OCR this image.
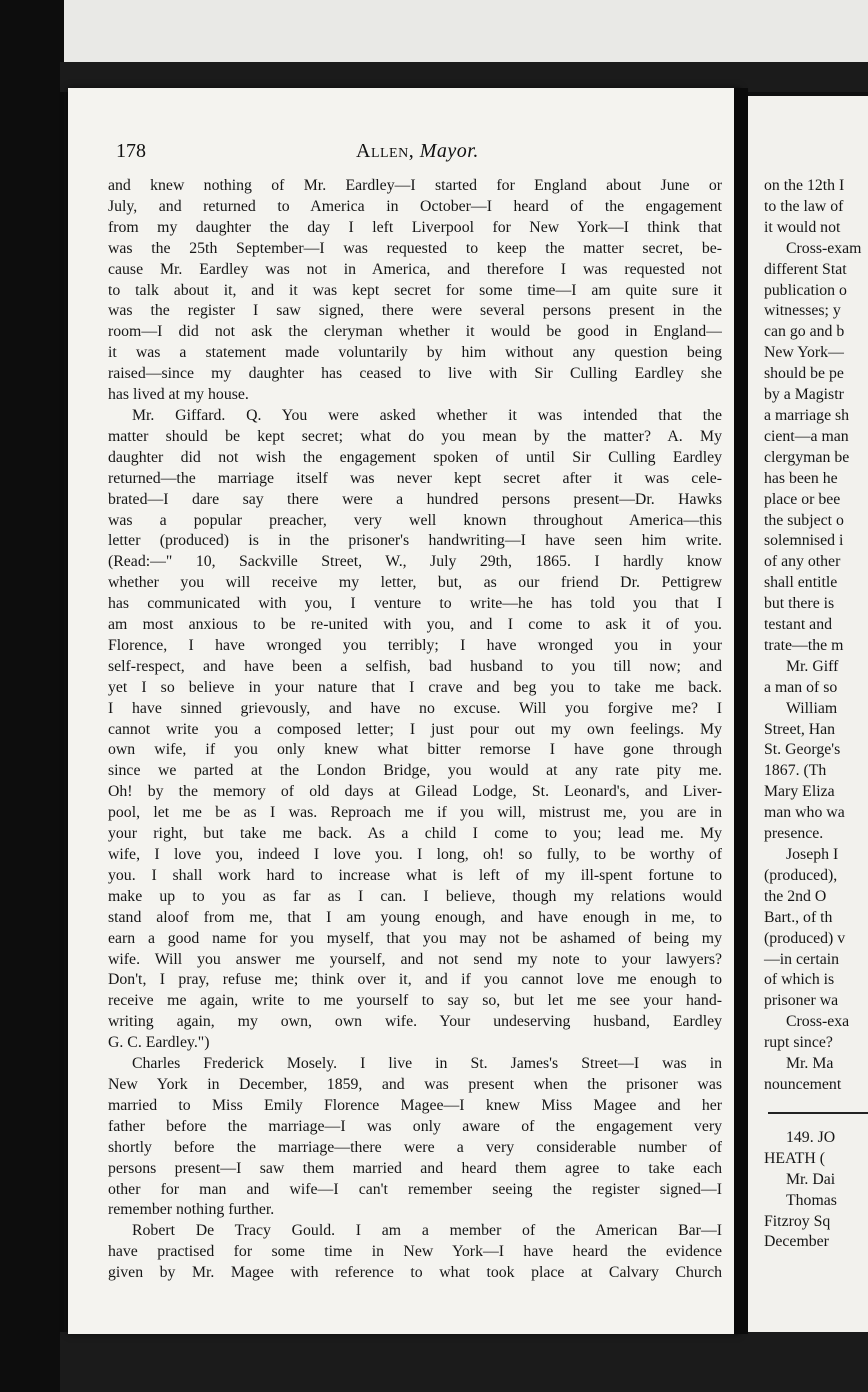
on the 12th I
to the law of
it would not
Cross-exam
different Stat
publication o
witnesses; y
can go and b
New York—
should be pe
by a Magistr
a marriage sh
cient—a man
clergyman be
has been he
place or bee
the subject o
solemnised i
of any other
shall entitle
but there is
testant and
trate—the m
Mr. Giff
a man of so
William
Street, Han
St. George's
1867. (Th
Mary Eliza
man who wa
presence.
Joseph I
(produced),
the 2nd O
Bart., of th
(produced) v
—in certain
of which is
prisoner wa
Cross-exa
rupt since?
Mr. Ma
nouncement
149. JO
HEATH (
Mr. Dai
Thomas
Fitzroy Sq
December
178	Allen, Mayor.
and knew nothing of Mr. Eardley—I started for England about June or
July, and returned to America in October—I heard of the engagement
from my daughter the day I left Liverpool for New York—I think that
was the 25th September—I was requested to keep the matter secret, be-
cause Mr. Eardley was not in America, and therefore I was requested not
to talk about it, and it was kept secret for some time—I am quite sure it
was the register I saw signed, there were several persons present in the
room—I did not ask the cleryman whether it would be good in England—
it was a statement made voluntarily by him without any question being
raised—since my daughter has ceased to live with Sir Culling Eardley she
has lived at my house.
Mr. Giffard. Q. You were asked whether it was intended that the
matter should be kept secret; what do you mean by the matter? A. My
daughter did not wish the engagement spoken of until Sir Culling Eardley
returned—the marriage itself was never kept secret after it was cele-
brated—I dare say there were a hundred persons present—Dr. Hawks
was a popular preacher, very well known throughout America—this
letter (produced) is in the prisoner's handwriting—I have seen him write.
(Read:—" 10, Sackville Street, W., July 29th, 1865. I hardly know
whether you will receive my letter, but, as our friend Dr. Pettigrew
has communicated with you, I venture to write—he has told you that I
am most anxious to be re-united with you, and I come to ask it of you.
Florence, I have wronged you terribly; I have wronged you in your
self-respect, and have been a selfish, bad husband to you till now; and
yet I so believe in your nature that I crave and beg you to take me back.
I have sinned grievously, and have no excuse. Will you forgive me? I
cannot write you a composed letter; I just pour out my own feelings. My
own wife, if you only knew what bitter remorse I have gone through
since we parted at the London Bridge, you would at any rate pity me.
Oh! by the memory of old days at Gilead Lodge, St. Leonard's, and Liver-
pool, let me be as I was. Reproach me if you will, mistrust me, you are in
your right, but take me back. As a child I come to you; lead me. My
wife, I love you, indeed I love you. I long, oh! so fully, to be worthy of
you. I shall work hard to increase what is left of my ill-spent fortune to
make up to you as far as I can. I believe, though my relations would
stand aloof from me, that I am young enough, and have enough in me, to
earn a good name for you myself, that you may not be ashamed of being my
wife. Will you answer me yourself, and not send my note to your lawyers?
Don't, I pray, refuse me; think over it, and if you cannot love me enough to
receive me again, write to me yourself to say so, but let me see your hand-
writing again, my own, own wife. Your undeserving husband, Eardley
G. C. Eardley.")
Charles Frederick Mosely. I live in St. James's Street—I was in
New York in December, 1859, and was present when the prisoner was
married to Miss Emily Florence Magee—I knew Miss Magee and her
father before the marriage—I was only aware of the engagement very
shortly before the marriage—there were a very considerable number of
persons present—I saw them married and heard them agree to take each
other for man and wife—I can't remember seeing the register signed—I
remember nothing further.
Robert De Tracy Gould. I am a member of the American Bar—I
have practised for some time in New York—I have heard the evidence
given by Mr. Magee with reference to what took place at Calvary Church
